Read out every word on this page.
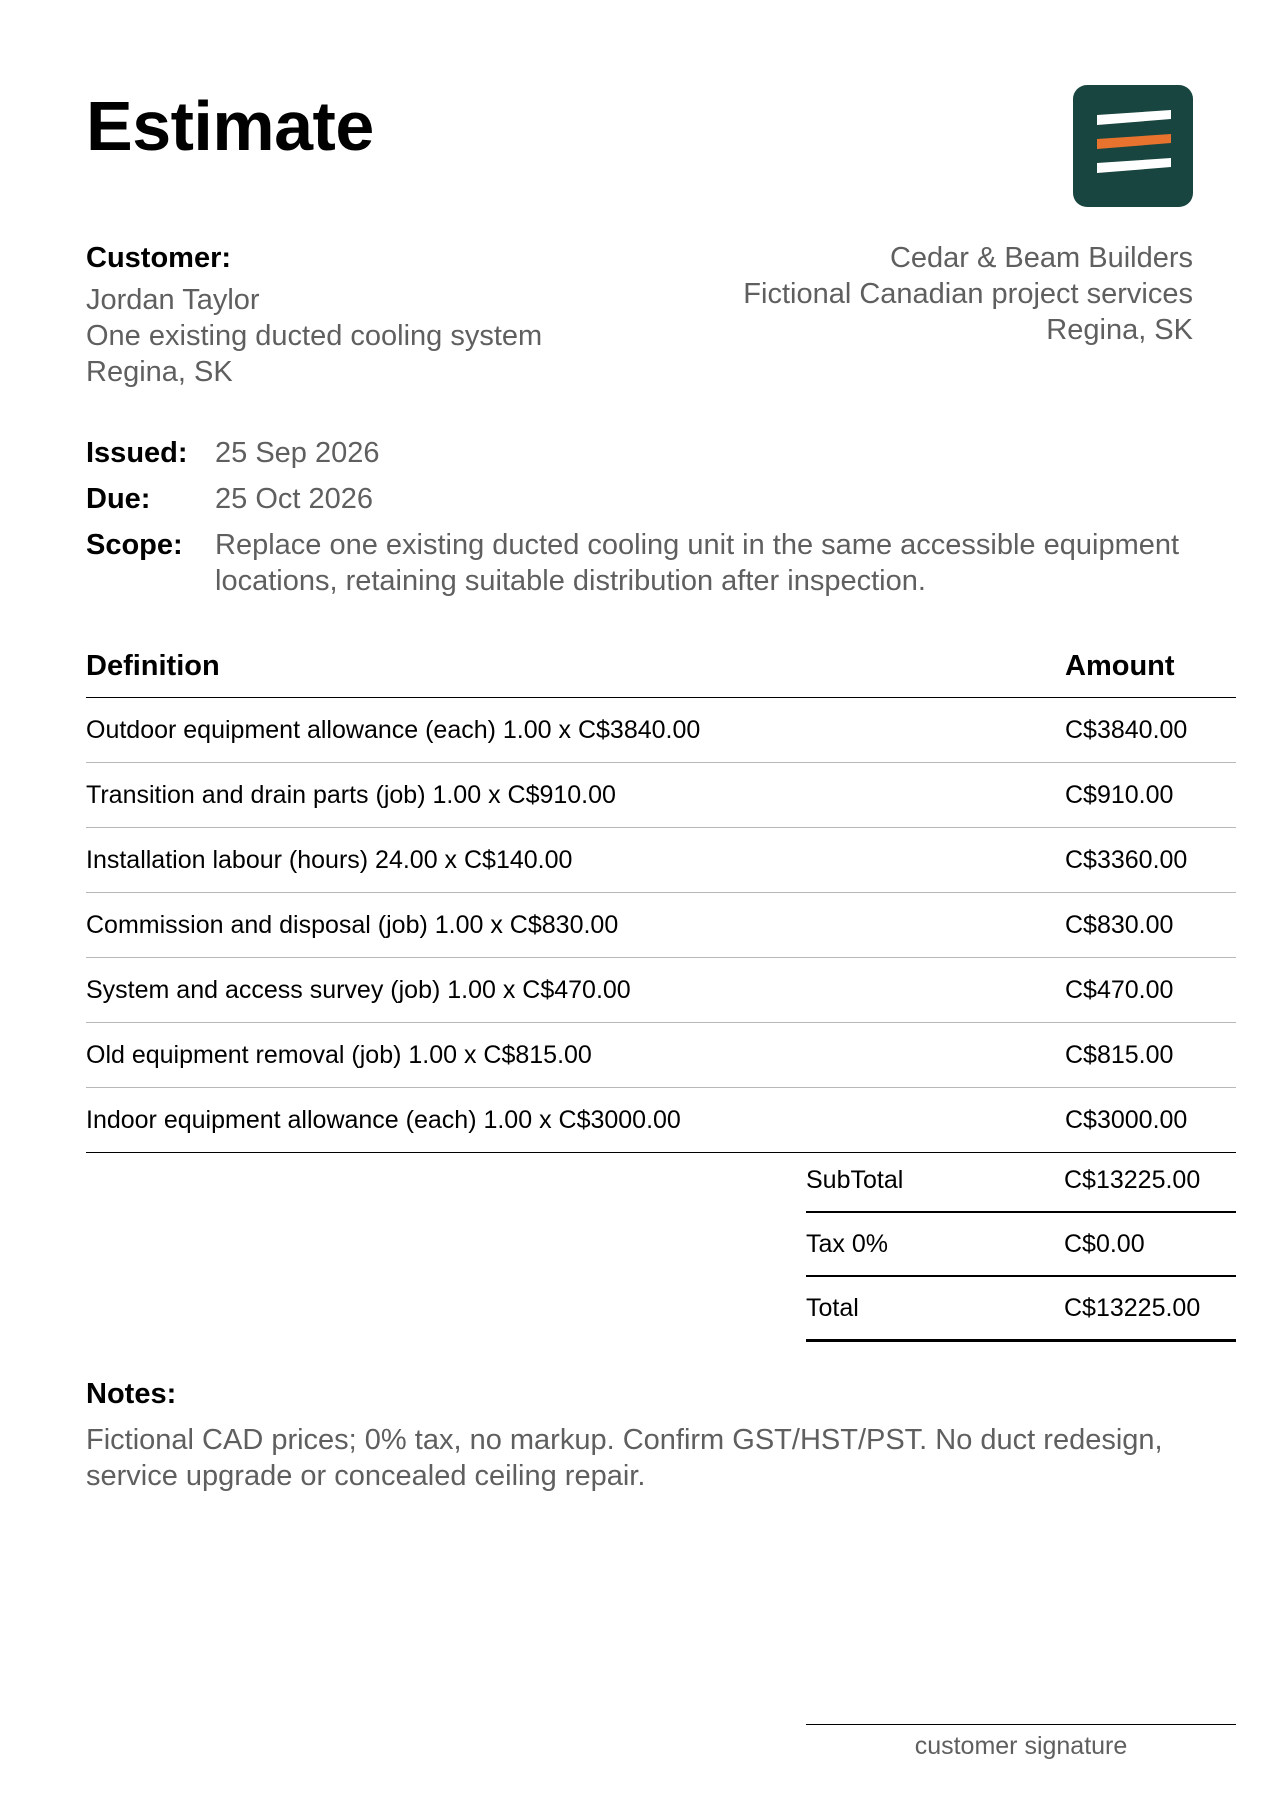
Estimate
Customer:
Jordan Taylor
One existing ducted cooling system
Regina, SK
Cedar & Beam Builders
Fictional Canadian project services
Regina, SK
Issued: 25 Sep 2026
Due:	25 Oct 2026
Scope:	Replace one existing ducted cooling unit in the same accessible equipment locations, retaining suitable distribution after inspection.
Definition	Amount
Outdoor equipment allowance (each) 1.00 x C$3840.00	C$3840.00
Transition and drain parts (job) 1.00 x C$910.00	C$910.00
Installation labour (hours) 24.00 x C$140.00	C$3360.00
Commission and disposal (job) 1.00 x C$830.00	C$830.00
System and access survey (job) 1.00 x C$470.00	C$470.00
Old equipment removal (job) 1.00 x C$815.00	C$815.00
Indoor equipment allowance (each) 1.00 x C$3000.00	C$3000.00
SubTotal	C$13225.00
Tax 0%	C$0.00
Total	C$13225.00
Notes:
Fictional CAD prices; 0% tax, no markup. Confirm GST/HST/PST. No duct redesign, service upgrade or concealed ceiling repair.
customer signature
